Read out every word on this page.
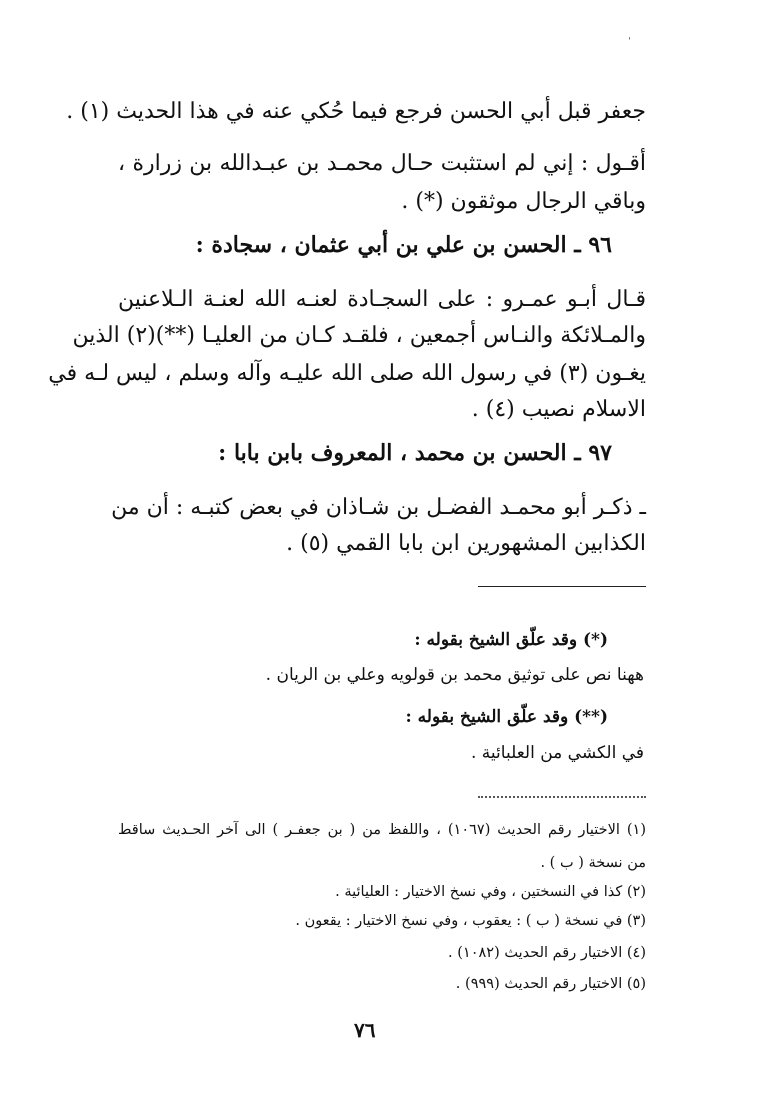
ˌ
جعفر قبل أبي الحسن فرجع فيما حُكي عنه في هذا الحديث (١) .
أقـول : إني لم استثبت حـال محمـد بن عبـدالله بن زرارة ،
وباقي الرجال موثقون (*) .
٩٦ ـ الحسن بن علي بن أبي عثمان ، سجادة :
قـال أبـو عمـرو : على السجـادة لعنـه الله لعنـة الـلاعنين
والمـلائكة والنـاس أجمعين ، فلقـد كـان من العليـا (**)(٢) الذين
يغـون (٣) في رسول الله صلى الله عليـه وآله وسلم ، ليس لـه في
الاسلام نصيب (٤) .
٩٧ ـ الحسن بن محمد ، المعروف بابن بابا :
ـ ذكـر أبو محمـد الفضـل بن شـاذان في بعض كتبـه : أن من
الكذابين المشهورين ابن بابا القمي (٥) .
(*) وقد علّق الشيخ بقوله :
ههنا نص على توثيق محمد بن قولويه وعلي بن الريان .
(**) وقد علّق الشيخ بقوله :
في الكشي من العلبائية .
(١) الاختيار رقم الحديث (١٠٦٧) ، واللفظ من ( بن جعفـر ) الى آخر الحـديث ساقط
من نسخة ( ب ) .
(٢) كذا في النسختين ، وفي نسخ الاختيار : العليائية .
(٣) في نسخة ( ب ) : يعقوب ، وفي نسخ الاختيار : يقعون .
(٤) الاختيار رقم الحديث (١٠٨٢) .
(٥) الاختيار رقم الحديث (٩٩٩) .
٧٦
